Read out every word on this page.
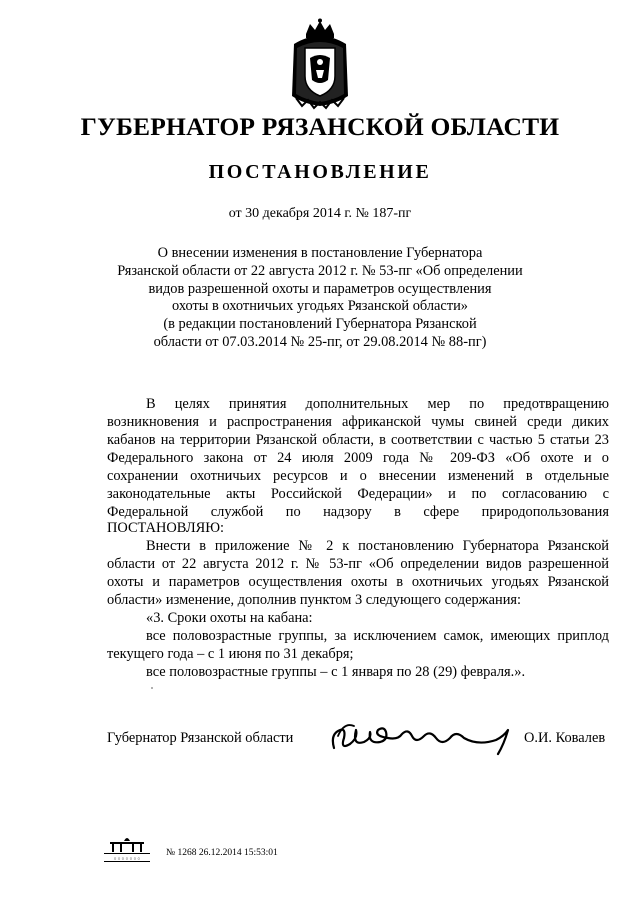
ГУБЕРНАТОР РЯЗАНСКОЙ ОБЛАСТИ
ПОСТАНОВЛЕНИЕ
от 30 декабря 2014 г. № 187-пг
О внесении изменения в постановление Губернатора
Рязанской области от 22 августа 2012 г. № 53-пг «Об определении
видов разрешенной охоты и параметров осуществления
охоты в охотничьих угодьях Рязанской области»
(в редакции постановлений Губернатора Рязанской
области от 07.03.2014 № 25-пг, от 29.08.2014 № 88-пг)
В целях принятия дополнительных мер по предотвращению
возникновения и распространения африканской чумы свиней среди диких
кабанов на территории Рязанской области, в соответствии с частью 5 статьи 23
Федерального закона от 24 июля 2009 года № 209-ФЗ «Об охоте и о
сохранении охотничьих ресурсов и о внесении изменений в отдельные
законодательные акты Российской Федерации» и по согласованию с
Федеральной службой по надзору в сфере природопользования
ПОСТАНОВЛЯЮ:
Внести в приложение № 2 к постановлению Губернатора Рязанской
области от 22 августа 2012 г. № 53-пг «Об определении видов разрешенной
охоты и параметров осуществления охоты в охотничьих угодьях Рязанской
области» изменение, дополнив пунктом 3 следующего содержания:
«3. Сроки охоты на кабана:
все половозрастные группы, за исключением самок, имеющих приплод
текущего года – с 1 июня по 31 декабря;
все половозрастные группы – с 1 января по 28 (29) февраля.».
Губернатор Рязанской области	О.И. Ковалев
○ ○ ○ ○ ○ ○ ○
№ 1268 26.12.2014 15:53:01
